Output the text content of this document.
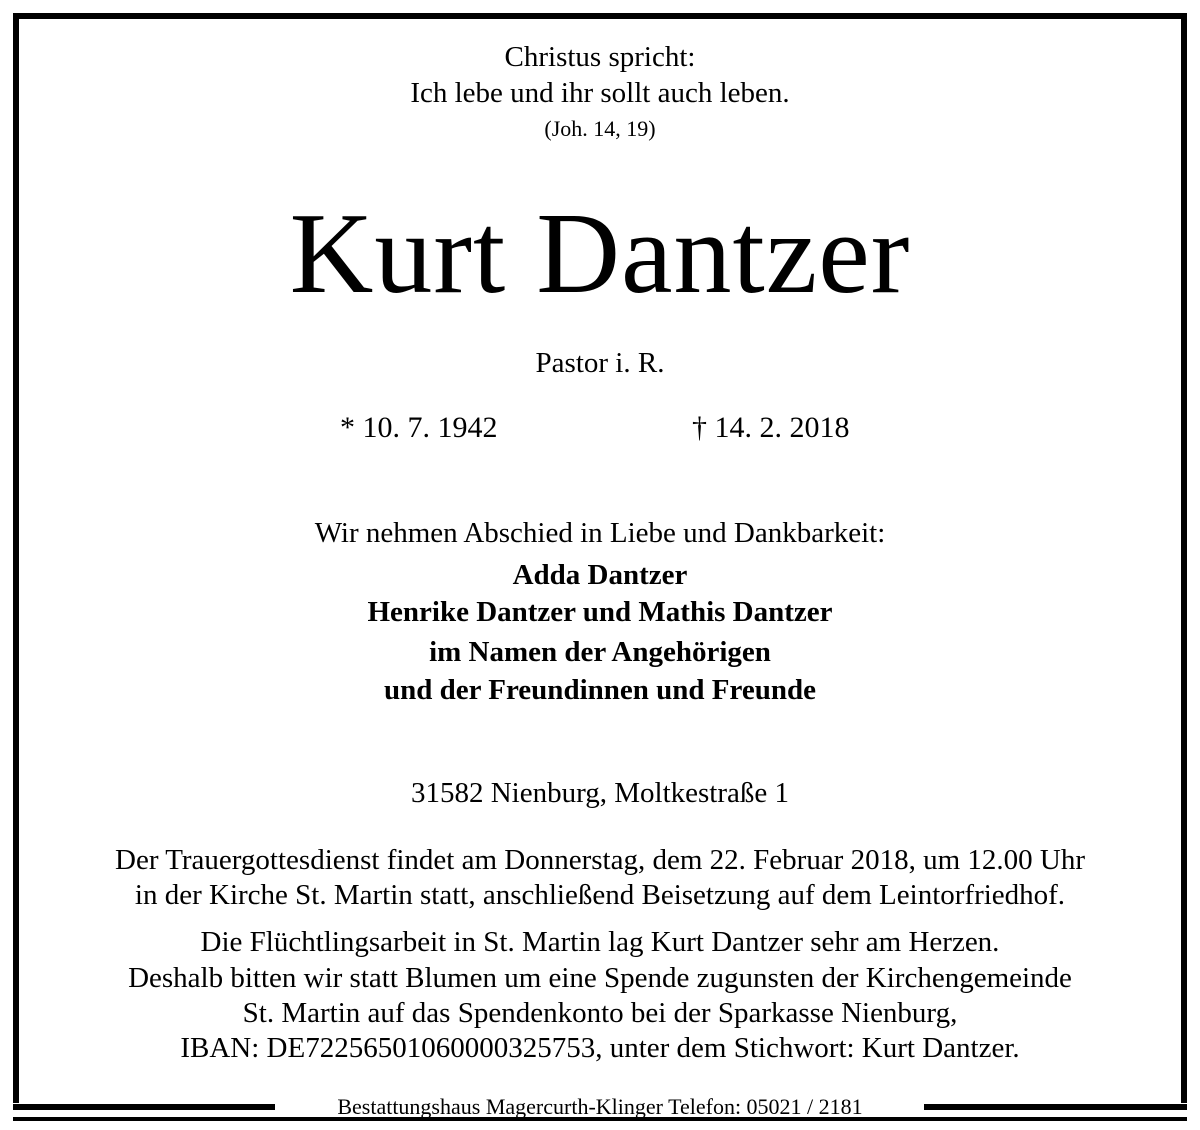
Christus spricht:
Ich lebe und ihr sollt auch leben.
(Joh. 14, 19)
Kurt Dantzer
Pastor i. R.
* 10. 7. 1942	† 14. 2. 2018
Wir nehmen Abschied in Liebe und Dankbarkeit:
Adda Dantzer
Henrike Dantzer und Mathis Dantzer
im Namen der Angehörigen
und der Freundinnen und Freunde
31582 Nienburg, Moltkestraße 1
Der Trauergottesdienst findet am Donnerstag, dem 22. Februar 2018, um 12.00 Uhr
in der Kirche St. Martin statt, anschließend Beisetzung auf dem Leintorfriedhof.
Die Flüchtlingsarbeit in St. Martin lag Kurt Dantzer sehr am Herzen.
Deshalb bitten wir statt Blumen um eine Spende zugunsten der Kirchengemeinde
St. Martin auf das Spendenkonto bei der Sparkasse Nienburg,
IBAN: DE72256501060000325753, unter dem Stichwort: Kurt Dantzer.
Bestattungshaus Magercurth-Klinger Telefon: 05021 / 2181
